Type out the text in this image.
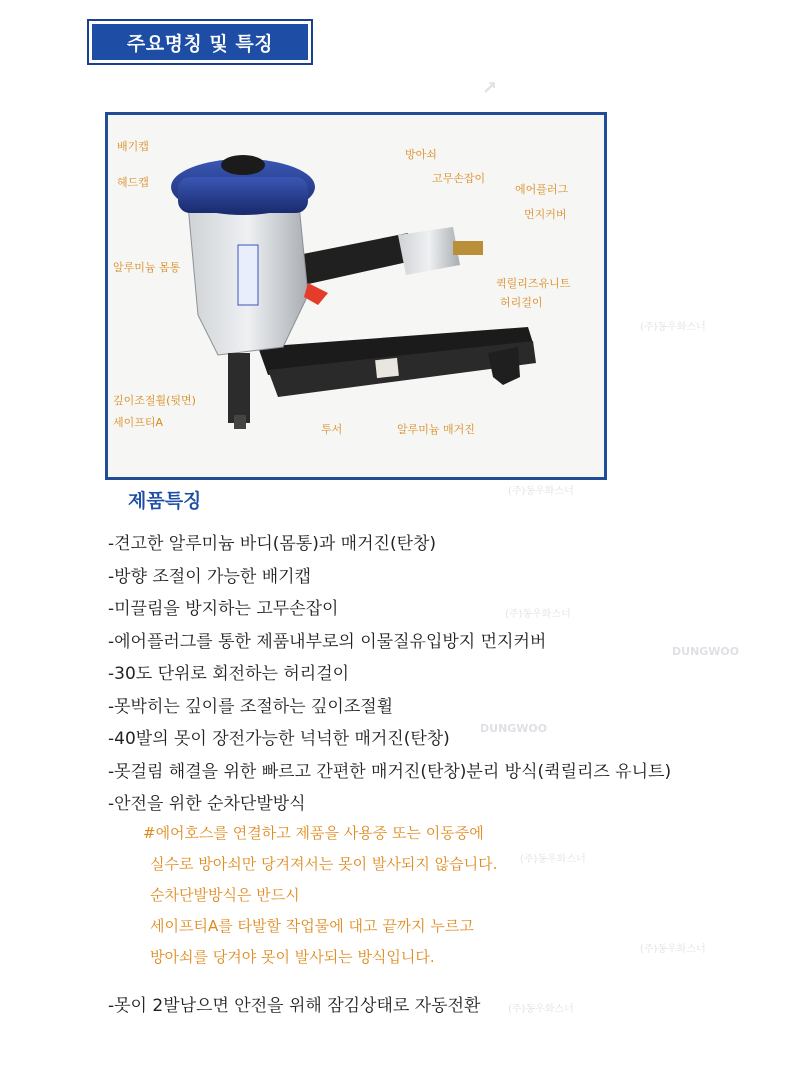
주요명칭 및 특징
↗
(주)동우화스너
(주)동우화스너
(주)동우화스너
DUNGWOO
DUNGWOO
(주)동우화스너
(주)동우화스너
(주)동우화스너
배기캡
헤드캡
알루미늄 몸통
깊이조절휠(뒷면)
세이프티A
방아쇠
고무손잡이
에어플러그
먼지커버
퀵릴리즈유니트
허리걸이
투서	알루미늄 매거진
제품특징
-견고한 알루미늄 바디(몸통)과 매거진(탄창)
-방향 조절이 가능한 배기캡
-미끌림을 방지하는 고무손잡이
-에어플러그를 통한 제품내부로의 이물질유입방지 먼지커버
-30도 단위로 회전하는 허리걸이
-못박히는 깊이를 조절하는 깊이조절휠
-40발의 못이 장전가능한 넉넉한 매거진(탄창)
-못걸림 해결을 위한 빠르고 간편한 매거진(탄창)분리 방식(퀵릴리즈 유니트)
-안전을 위한 순차단발방식
#에어호스를 연결하고 제품을 사용중 또는 이동중에
실수로 방아쇠만 당겨져서는 못이 발사되지 않습니다.
순차단발방식은 반드시
세이프티A를 타발할 작업물에 대고 끝까지 누르고
방아쇠를 당겨야 못이 발사되는 방식입니다.
-못이 2발남으면 안전을 위해 잠김상태로 자동전환
